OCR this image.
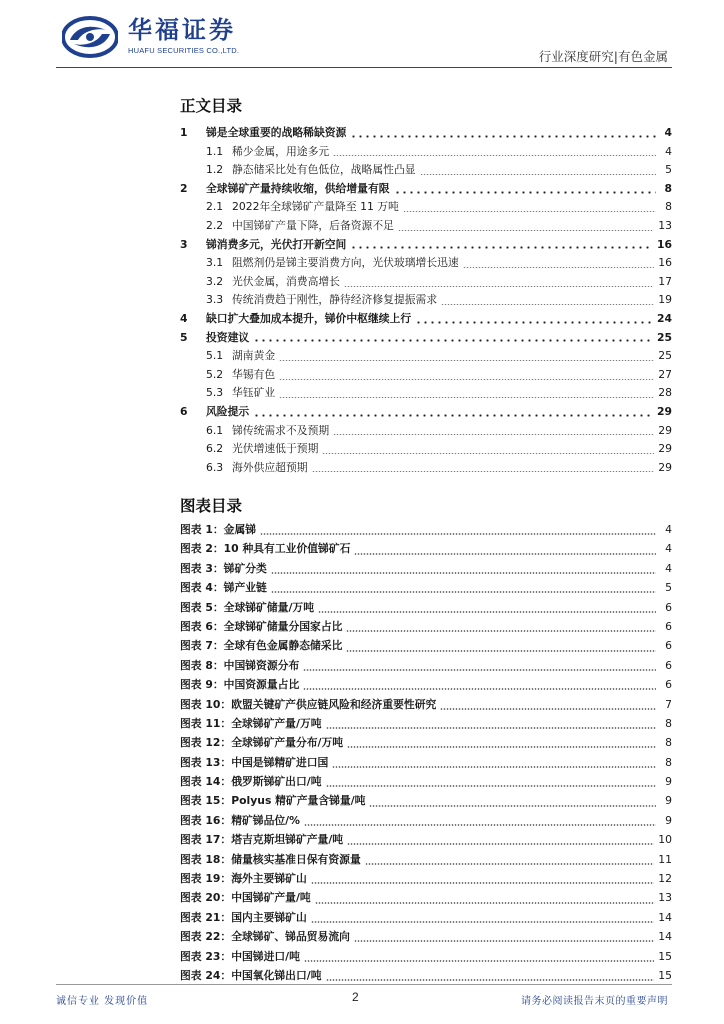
华福证券
HUAFU SECURITIES CO.,LTD.	行业深度研究|有色金属
正文目录
1	锑是全球重要的战略稀缺资源	4
1.1 稀少金属，用途多元	4
1.2 静态储采比处有色低位，战略属性凸显	5
2	全球锑矿产量持续收缩，供给增量有限	8
2.1 2022年全球锑矿产量降至 11 万吨	8
2.2 中国锑矿产量下降，后备资源不足	13
3	锑消费多元，光伏打开新空间	16
3.1 阻燃剂仍是锑主要消费方向，光伏玻璃增长迅速	16
3.2 光伏金属，消费高增长	17
3.3 传统消费趋于刚性，静待经济修复提振需求	19
4	缺口扩大叠加成本提升，锑价中枢继续上行	24
5	投资建议	25
5.1 湖南黄金	25
5.2 华锡有色	27
5.3 华钰矿业	28
6	风险提示	29
6.1 锑传统需求不及预期	29
6.2 光伏增速低于预期	29
6.3 海外供应超预期	29
图表目录
图表 1： 金属锑	4
图表 2： 10 种具有工业价值锑矿石	4
图表 3： 锑矿分类	4
图表 4： 锑产业链	5
图表 5： 全球锑矿储量/万吨	6
图表 6： 全球锑矿储量分国家占比	6
图表 7： 全球有色金属静态储采比	6
图表 8： 中国锑资源分布	6
图表 9： 中国资源量占比	6
图表 10： 欧盟关键矿产供应链风险和经济重要性研究	7
图表 11： 全球锑矿产量/万吨	8
图表 12： 全球锑矿产量分布/万吨	8
图表 13： 中国是锑精矿进口国	8
图表 14： 俄罗斯锑矿出口/吨	9
图表 15： Polyus 精矿产量含锑量/吨	9
图表 16： 精矿锑品位/%	9
图表 17： 塔吉克斯坦锑矿产量/吨	10
图表 18： 储量核实基准日保有资源量	11
图表 19： 海外主要锑矿山	12
图表 20： 中国锑矿产量/吨	13
图表 21： 国内主要锑矿山	14
图表 22： 全球锑矿、锑品贸易流向	14
图表 23： 中国锑进口/吨	15
图表 24： 中国氧化锑出口/吨	15
诚信专业 发现价值	2	请务必阅读报告末页的重要声明
